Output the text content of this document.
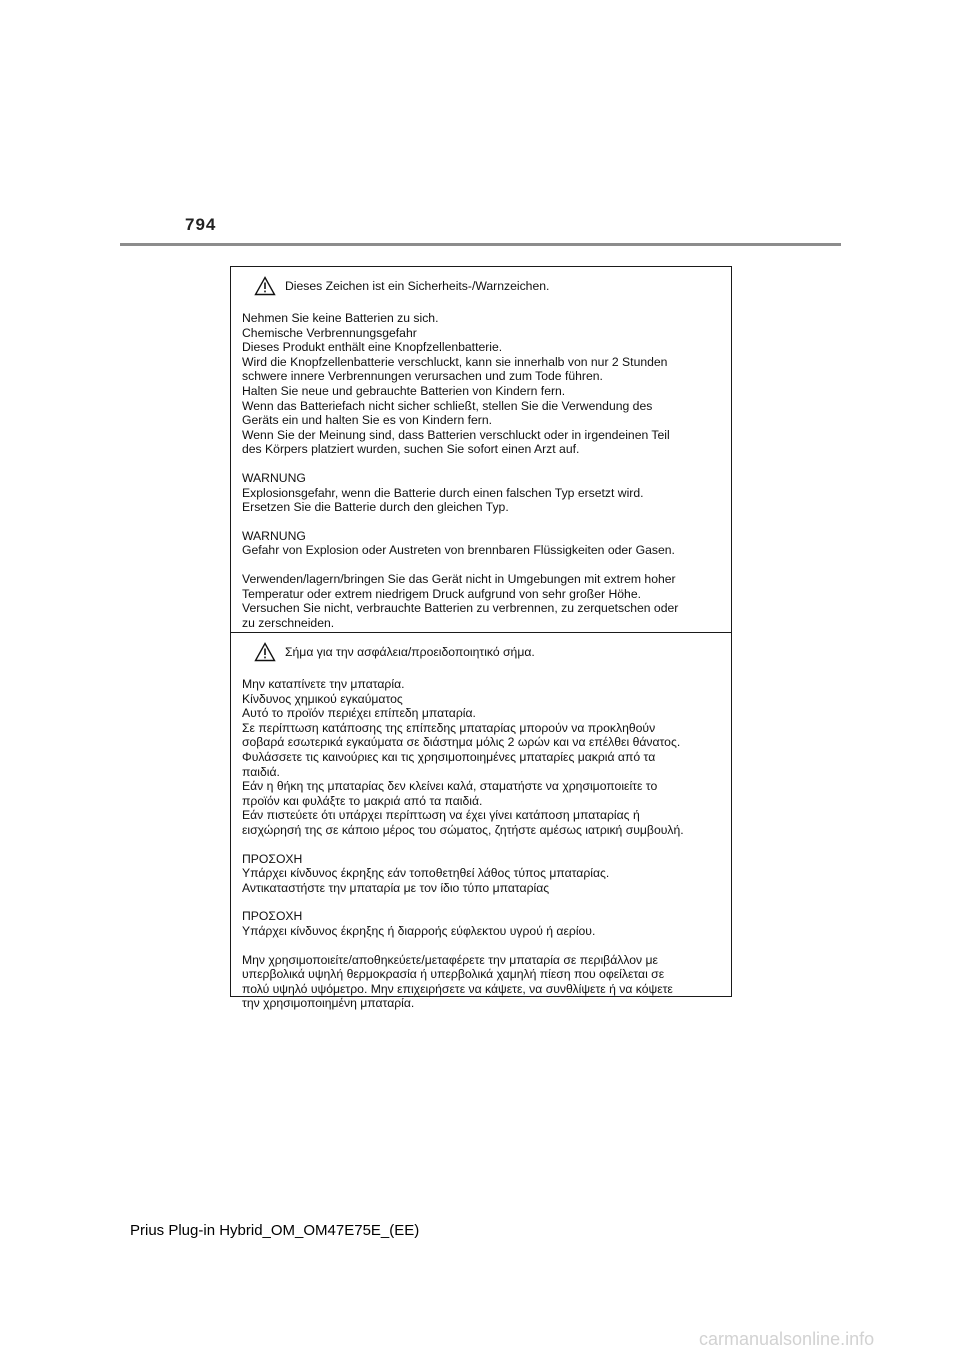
794
Dieses Zeichen ist ein Sicherheits-/Warnzeichen.

Nehmen Sie keine Batterien zu sich.
Chemische Verbrennungsgefahr
Dieses Produkt enthält eine Knopfzellenbatterie.
Wird die Knopfzellenbatterie verschluckt, kann sie innerhalb von nur 2 Stunden
schwere innere Verbrennungen verursachen und zum Tode führen.
Halten Sie neue und gebrauchte Batterien von Kindern fern.
Wenn das Batteriefach nicht sicher schließt, stellen Sie die Verwendung des
Geräts ein und halten Sie es von Kindern fern.
Wenn Sie der Meinung sind, dass Batterien verschluckt oder in irgendeinen Teil
des Körpers platziert wurden, suchen Sie sofort einen Arzt auf.

WARNUNG
Explosionsgefahr, wenn die Batterie durch einen falschen Typ ersetzt wird.
Ersetzen Sie die Batterie durch den gleichen Typ.

WARNUNG
Gefahr von Explosion oder Austreten von brennbaren Flüssigkeiten oder Gasen.

Verwenden/lagern/bringen Sie das Gerät nicht in Umgebungen mit extrem hoher
Temperatur oder extrem niedrigem Druck aufgrund von sehr großer Höhe.
Versuchen Sie nicht, verbrauchte Batterien zu verbrennen, zu zerquetschen oder
zu zerschneiden.

Σήμα για την ασφάλεια/προειδοποιητικό σήμα.

Μην καταπίνετε την μπαταρία.
Κίνδυνος χημικού εγκαύματος
Αυτό το προϊόν περιέχει επίπεδη μπαταρία.
Σε περίπτωση κατάποσης της επίπεδης μπαταρίας μπορούν να προκληθούν
σοβαρά εσωτερικά εγκαύματα σε διάστημα μόλις 2 ωρών και να επέλθει θάνατος.
Φυλάσσετε τις καινούριες και τις χρησιμοποιημένες μπαταρίες μακριά από τα
παιδιά.
Εάν η θήκη της μπαταρίας δεν κλείνει καλά, σταματήστε να χρησιμοποιείτε το
προϊόν και φυλάξτε το μακριά από τα παιδιά.
Εάν πιστεύετε ότι υπάρχει περίπτωση να έχει γίνει κατάποση μπαταρίας ή
εισχώρησή της σε κάποιο μέρος του σώματος, ζητήστε αμέσως ιατρική συμβουλή.

ΠΡΟΣΟΧΗ
Υπάρχει κίνδυνος έκρηξης εάν τοποθετηθεί λάθος τύπος μπαταρίας.
Αντικαταστήστε την μπαταρία με τον ίδιο τύπο μπαταρίας

ΠΡΟΣΟΧΗ
Υπάρχει κίνδυνος έκρηξης ή διαρροής εύφλεκτου υγρού ή αερίου.

Μην χρησιμοποιείτε/αποθηκεύετε/μεταφέρετε την μπαταρία σε περιβάλλον με
υπερβολικά υψηλή θερμοκρασία ή υπερβολικά χαμηλή πίεση που οφείλεται σε
πολύ υψηλό υψόμετρο. Μην επιχειρήσετε να κάψετε, να συνθλίψετε ή να κόψετε
την χρησιμοποιημένη μπαταρία.

Prius Plug-in Hybrid_OM_OM47E75E_(EE)
carmanualsonline.info
